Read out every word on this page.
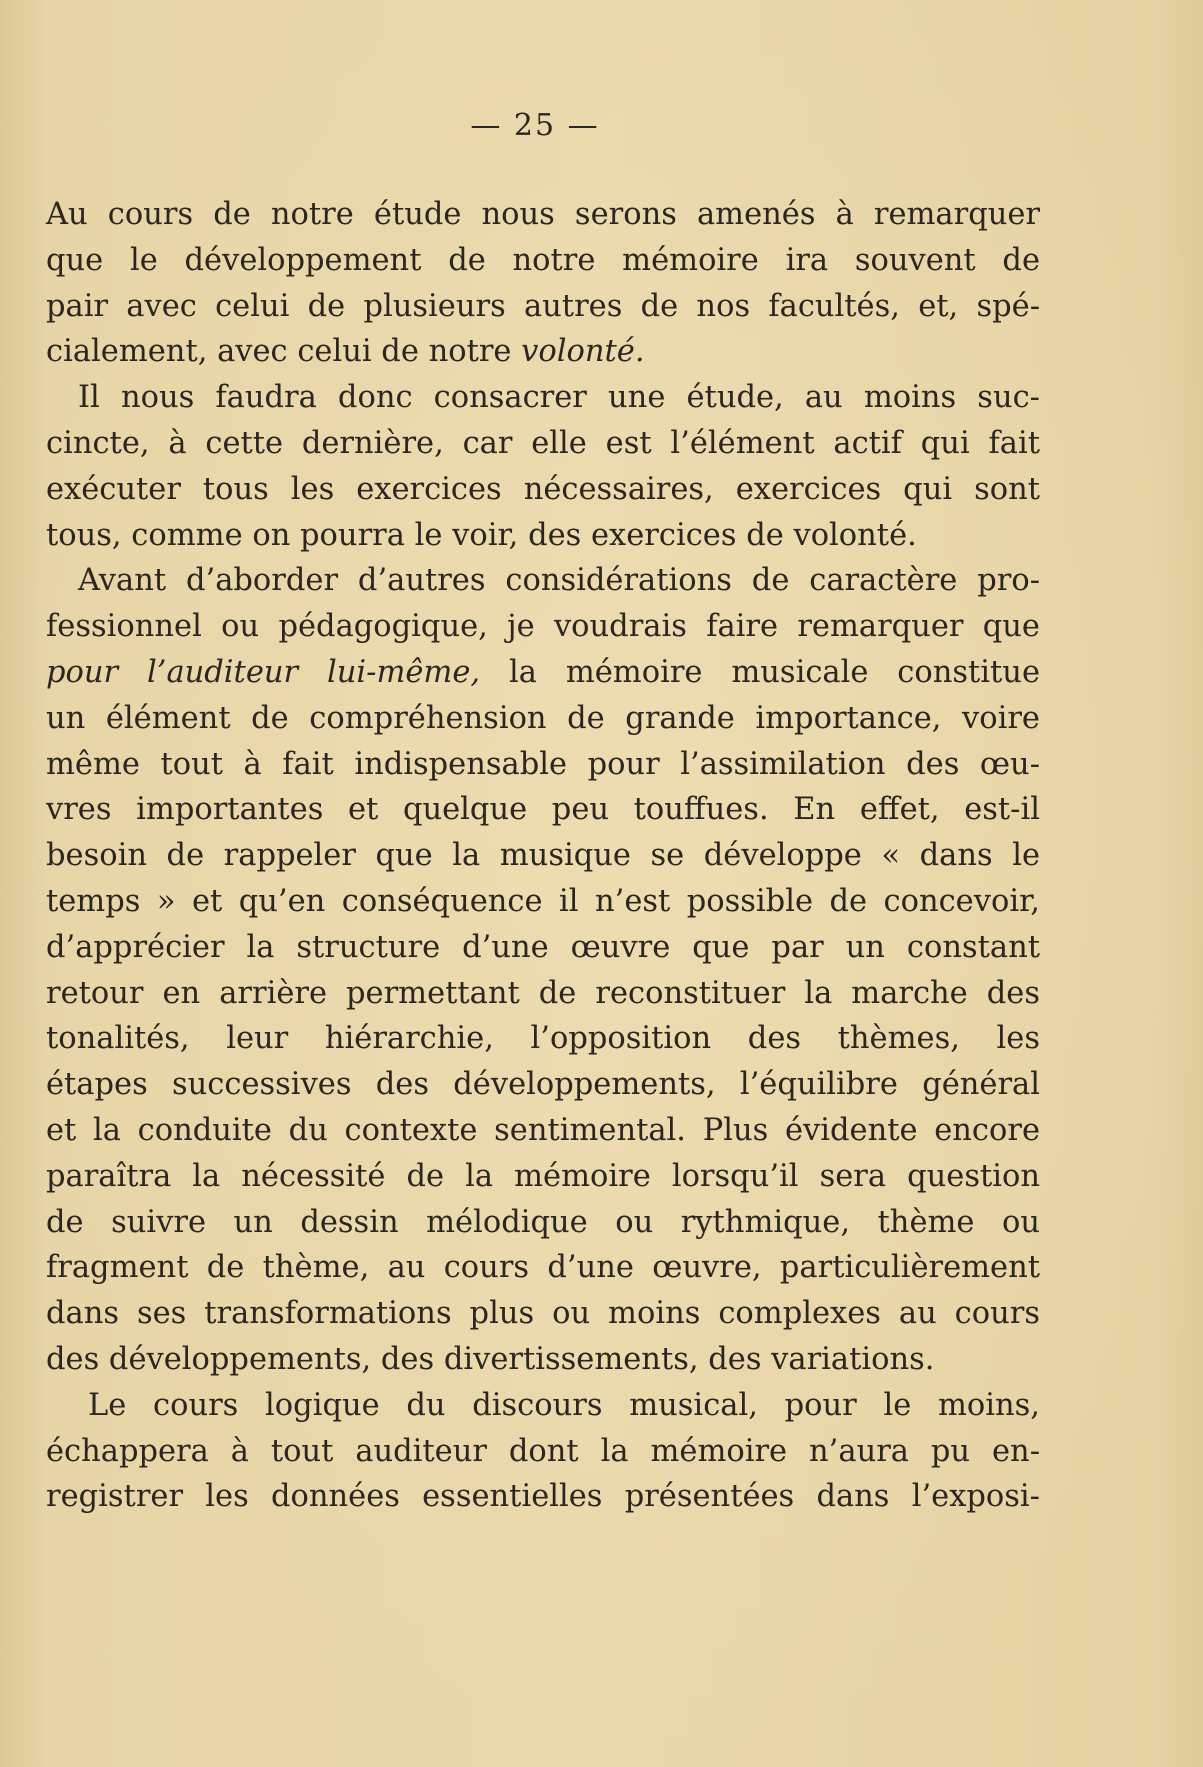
— 25 —
Au cours de notre étude nous serons amenés à remarquer
que le développement de notre mémoire ira souvent de
pair avec celui de plusieurs autres de nos facultés, et, spé-
cialement, avec celui de notre volonté.
Il nous faudra donc consacrer une étude, au moins suc-
cincte, à cette dernière, car elle est l’élément actif qui fait
exécuter tous les exercices nécessaires, exercices qui sont
tous, comme on pourra le voir, des exercices de volonté.
Avant d’aborder d’autres considérations de caractère pro-
fessionnel ou pédagogique, je voudrais faire remarquer que
pour l’auditeur lui-même, la mémoire musicale constitue
un élément de compréhension de grande importance, voire
même tout à fait indispensable pour l’assimilation des œu-
vres importantes et quelque peu touffues. En effet, est-il
besoin de rappeler que la musique se développe « dans le
temps » et qu’en conséquence il n’est possible de concevoir,
d’apprécier la structure d’une œuvre que par un constant
retour en arrière permettant de reconstituer la marche des
tonalités, leur hiérarchie, l’opposition des thèmes, les
étapes successives des développements, l’équilibre général
et la conduite du contexte sentimental. Plus évidente encore
paraîtra la nécessité de la mémoire lorsqu’il sera question
de suivre un dessin mélodique ou rythmique, thème ou
fragment de thème, au cours d’une œuvre, particulièrement
dans ses transformations plus ou moins complexes au cours
des développements, des divertissements, des variations.
Le cours logique du discours musical, pour le moins,
échappera à tout auditeur dont la mémoire n’aura pu en-
registrer les données essentielles présentées dans l’exposi-
